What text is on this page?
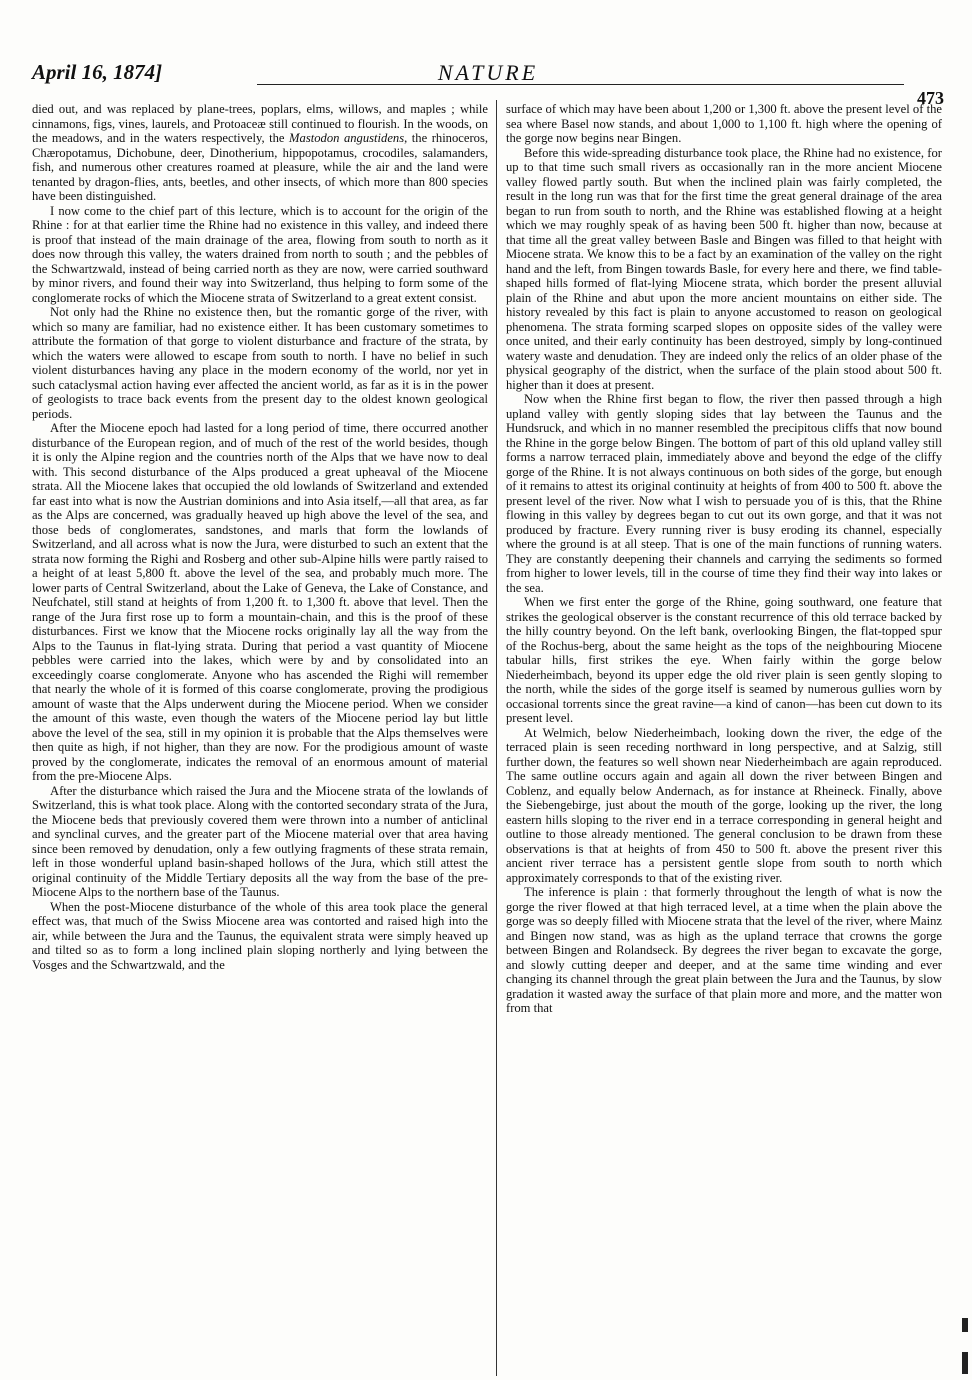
April 16, 1874]	NATURE
473

died out, and was replaced by plane-trees, poplars, elms, willows, and maples ; while cinnamons, figs, vines, laurels, and Protoaceæ still continued to flourish. In the woods, on the meadows, and in the waters respectively, the Mastodon angustidens, the rhinoceros, Chæropotamus, Dichobune, deer, Dinotherium, hippopotamus, crocodiles, salamanders, fish, and numerous other creatures roamed at pleasure, while the air and the land were tenanted by dragon-flies, ants, beetles, and other insects, of which more than 800 species have been distinguished.

I now come to the chief part of this lecture, which is to account for the origin of the Rhine : for at that earlier time the Rhine had no existence in this valley, and indeed there is proof that instead of the main drainage of the area, flowing from south to north as it does now through this valley, the waters drained from north to south ; and the pebbles of the Schwartzwald, instead of being carried north as they are now, were carried southward by minor rivers, and found their way into Switzerland, thus helping to form some of the conglomerate rocks of which the Miocene strata of Switzerland to a great extent consist.

Not only had the Rhine no existence then, but the romantic gorge of the river, with which so many are familiar, had no existence either. It has been customary sometimes to attribute the formation of that gorge to violent disturbance and fracture of the strata, by which the waters were allowed to escape from south to north. I have no belief in such violent disturbances having any place in the modern economy of the world, nor yet in such cataclysmal action having ever affected the ancient world, as far as it is in the power of geologists to trace back events from the present day to the oldest known geological periods.

After the Miocene epoch had lasted for a long period of time, there occurred another disturbance of the European region, and of much of the rest of the world besides, though it is only the Alpine region and the countries north of the Alps that we have now to deal with. This second disturbance of the Alps produced a great upheaval of the Miocene strata. All the Miocene lakes that occupied the old lowlands of Switzerland and extended far east into what is now the Austrian dominions and into Asia itself,—all that area, as far as the Alps are concerned, was gradually heaved up high above the level of the sea, and those beds of conglomerates, sandstones, and marls that form the lowlands of Switzerland, and all across what is now the Jura, were disturbed to such an extent that the strata now forming the Righi and Rosberg and other sub-Alpine hills were partly raised to a height of at least 5,800 ft. above the level of the sea, and probably much more. The lower parts of Central Switzerland, about the Lake of Geneva, the Lake of Constance, and Neufchatel, still stand at heights of from 1,200 ft. to 1,300 ft. above that level. Then the range of the Jura first rose up to form a mountain-chain, and this is the proof of these disturbances. First we know that the Miocene rocks originally lay all the way from the Alps to the Taunus in flat-lying strata. During that period a vast quantity of Miocene pebbles were carried into the lakes, which were by and by consolidated into an exceedingly coarse conglomerate. Anyone who has ascended the Righi will remember that nearly the whole of it is formed of this coarse conglomerate, proving the prodigious amount of waste that the Alps underwent during the Miocene period. When we consider the amount of this waste, even though the waters of the Miocene period lay but little above the level of the sea, still in my opinion it is probable that the Alps themselves were then quite as high, if not higher, than they are now. For the prodigious amount of waste proved by the conglomerate, indicates the removal of an enormous amount of material from the pre-Miocene Alps.

After the disturbance which raised the Jura and the Miocene strata of the lowlands of Switzerland, this is what took place. Along with the contorted secondary strata of the Jura, the Miocene beds that previously covered them were thrown into a number of anticlinal and synclinal curves, and the greater part of the Miocene material over that area having since been removed by denudation, only a few outlying fragments of these strata remain, left in those wonderful upland basin-shaped hollows of the Jura, which still attest the original continuity of the Middle Tertiary deposits all the way from the base of the pre-Miocene Alps to the northern base of the Taunus.

When the post-Miocene disturbance of the whole of this area took place the general effect was, that much of the Swiss Miocene area was contorted and raised high into the air, while between the Jura and the Taunus, the equivalent strata were simply heaved up and tilted so as to form a long inclined plain sloping northerly and lying between the Vosges and the Schwartzwald, and the

surface of which may have been about 1,200 or 1,300 ft. above the present level of the sea where Basel now stands, and about 1,000 to 1,100 ft. high where the opening of the gorge now begins near Bingen.

Before this wide-spreading disturbance took place, the Rhine had no existence, for up to that time such small rivers as occasionally ran in the more ancient Miocene valley flowed partly south. But when the inclined plain was fairly completed, the result in the long run was that for the first time the great general drainage of the area began to run from south to north, and the Rhine was established flowing at a height which we may roughly speak of as having been 500 ft. higher than now, because at that time all the great valley between Basle and Bingen was filled to that height with Miocene strata. We know this to be a fact by an examination of the valley on the right hand and the left, from Bingen towards Basle, for every here and there, we find table-shaped hills formed of flat-lying Miocene strata, which border the present alluvial plain of the Rhine and abut upon the more ancient mountains on either side. The history revealed by this fact is plain to anyone accustomed to reason on geological phenomena. The strata forming scarped slopes on opposite sides of the valley were once united, and their early continuity has been destroyed, simply by long-continued watery waste and denudation. They are indeed only the relics of an older phase of the physical geography of the district, when the surface of the plain stood about 500 ft. higher than it does at present.

Now when the Rhine first began to flow, the river then passed through a high upland valley with gently sloping sides that lay between the Taunus and the Hundsruck, and which in no manner resembled the precipitous cliffs that now bound the Rhine in the gorge below Bingen. The bottom of part of this old upland valley still forms a narrow terraced plain, immediately above and beyond the edge of the cliffy gorge of the Rhine. It is not always continuous on both sides of the gorge, but enough of it remains to attest its original continuity at heights of from 400 to 500 ft. above the present level of the river. Now what I wish to persuade you of is this, that the Rhine flowing in this valley by degrees began to cut out its own gorge, and that it was not produced by fracture. Every running river is busy eroding its channel, especially where the ground is at all steep. That is one of the main functions of running waters. They are constantly deepening their channels and carrying the sediments so formed from higher to lower levels, till in the course of time they find their way into lakes or the sea.

When we first enter the gorge of the Rhine, going southward, one feature that strikes the geological observer is the constant recurrence of this old terrace backed by the hilly country beyond. On the left bank, overlooking Bingen, the flat-topped spur of the Rochus-berg, about the same height as the tops of the neighbouring Miocene tabular hills, first strikes the eye. When fairly within the gorge below Niederheimbach, beyond its upper edge the old river plain is seen gently sloping to the north, while the sides of the gorge itself is seamed by numerous gullies worn by occasional torrents since the great ravine—a kind of canon—has been cut down to its present level.

At Welmich, below Niederheimbach, looking down the river, the edge of the terraced plain is seen receding northward in long perspective, and at Salzig, still further down, the features so well shown near Niederheimbach are again reproduced. The same outline occurs again and again all down the river between Bingen and Coblenz, and equally below Andernach, as for instance at Rheineck. Finally, above the Siebengebirge, just about the mouth of the gorge, looking up the river, the long eastern hills sloping to the river end in a terrace corresponding in general height and outline to those already mentioned. The general conclusion to be drawn from these observations is that at heights of from 450 to 500 ft. above the present river this ancient river terrace has a persistent gentle slope from south to north which approximately corresponds to that of the existing river.

The inference is plain : that formerly throughout the length of what is now the gorge the river flowed at that high terraced level, at a time when the plain above the gorge was so deeply filled with Miocene strata that the level of the river, where Mainz and Bingen now stand, was as high as the upland terrace that crowns the gorge between Bingen and Rolandseck. By degrees the river began to excavate the gorge, and slowly cutting deeper and deeper, and at the same time winding and ever changing its channel through the great plain between the Jura and the Taunus, by slow gradation it wasted away the surface of that plain more and more, and the matter won from that
